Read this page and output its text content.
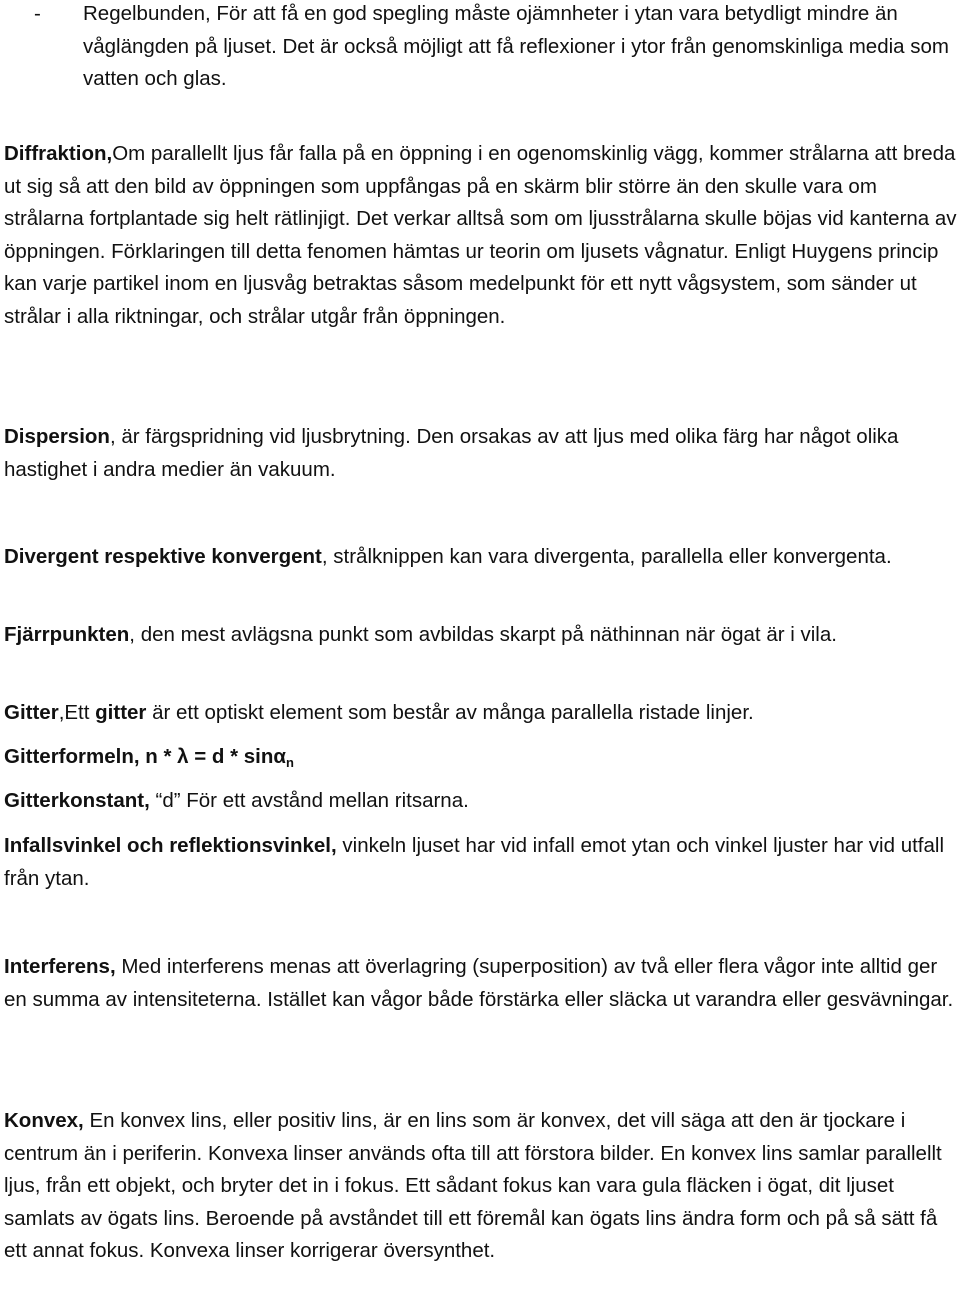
- Regelbunden, För att få en god spegling måste ojämnheter i ytan vara betydligt mindre än våglängden på ljuset. Det är också möjligt att få reflexioner i ytor från genomskinliga media som vatten och glas.

Diffraktion,Om parallellt ljus får falla på en öppning i en ogenomskinlig vägg, kommer strålarna att breda ut sig så att den bild av öppningen som uppfångas på en skärm blir större än den skulle vara om strålarna fortplantade sig helt rätlinjigt. Det verkar alltså som om ljusstrålarna skulle böjas vid kanterna av öppningen. Förklaringen till detta fenomen hämtas ur teorin om ljusets vågnatur. Enligt Huygens princip kan varje partikel inom en ljusvåg betraktas såsom medelpunkt för ett nytt vågsystem, som sänder ut strålar i alla riktningar, och strålar utgår från öppningen.

Dispersion, är färgspridning vid ljusbrytning. Den orsakas av att ljus med olika färg har något olika hastighet i andra medier än vakuum.

Divergent respektive konvergent, strålknippen kan vara divergenta, parallella eller konvergenta.

Fjärrpunkten, den mest avlägsna punkt som avbildas skarpt på näthinnan när ögat är i vila.

Gitter,Ett gitter är ett optiskt element som består av många parallella ristade linjer.

Gitterformeln, n * λ = d * sinα$_n$

Gitterkonstant, “d” För ett avstånd mellan ritsarna.

Infallsvinkel och reflektionsvinkel, vinkeln ljuset har vid infall emot ytan och vinkel ljuster har vid utfall från ytan.

Interferens, Med interferens menas att överlagring (superposition) av två eller flera vågor inte alltid ger en summa av intensiteterna. Istället kan vågor både förstärka eller släcka ut varandra eller gesvävningar.

Konvex, En konvex lins, eller positiv lins, är en lins som är konvex, det vill säga att den är tjockare i centrum än i periferin. Konvexa linser används ofta till att förstora bilder. En konvex lins samlar parallellt ljus, från ett objekt, och bryter det in i fokus. Ett sådant fokus kan vara gula fläcken i ögat, dit ljuset samlats av ögats lins. Beroende på avståndet till ett föremål kan ögats lins ändra form och på så sätt få ett annat fokus. Konvexa linser korrigerar översynthet.
